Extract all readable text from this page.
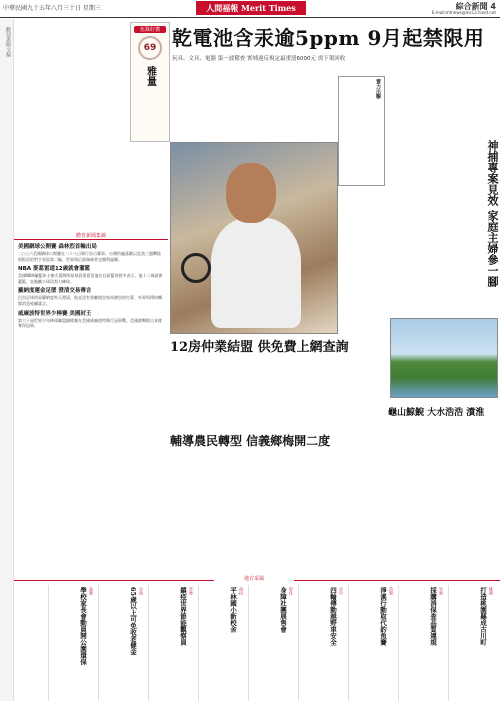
中華民國九十五年八月三十日 星期三	人間福報 Merit Times	綜合新聞 4
E-mail:mtnews@ms13.hinet.net
歡迎惠賜文稿	伍錄好禮
69
雅量
乾電池含汞逾5ppm 9月起禁限用
玩具、文具、電器 第一波稽查 實埔違反規定最重罰6000元 需下架回收
賣力出擊
神捕專案見效 家庭主婦參一腳
12房仲業結盟 供免費上網查詢
龜山鯨鯢 大水浩浩 濆淮
輔導農民轉型 信義鄉梅開二度
體育新聞集錦
美國網球公開賽 森林烈首輪出局
二○○六美國網球公開賽在二十八日舉行首日賽事。台灣的盧彥勳以直落三盤擊敗阿根廷的對手晉級第二輪，世界球后莫瑞絲茉也順利過關。
NBA 麥葛雷道12歲就會灌籃
美國NBA職籃休士頓火箭隊明星球員麥葛雷迪在社區籃球營中表示，他十二歲就會灌籃，並勉勵小球員努力練球。
羅納度運金足墜 澄清交易傳言
巴西足球明星羅納度昨天澄清，他並沒有要離開皇家馬德里的打算，外界所傳的轉隊消息純屬謠言。
威廉波特世界少棒賽 美國封王
第六十屆世界少年棒球聯盟錦標賽在美國威廉波特舉行冠軍戰，美國隊擊敗日本隊奪得冠軍。
地方采風
桃園
打造桃園縣成古川町
竹東
採購消保查品質違規
苗栗
淨溪行動取代釣魚賽
台中
四輪傳動越野車安全
彰化
身障社團展售會
南投
平林國小新校舍
雲林
鎮疫世界節能觀察員
台南
65歲以上可免收老健金
高雄
學校家長會動員開公園環保
